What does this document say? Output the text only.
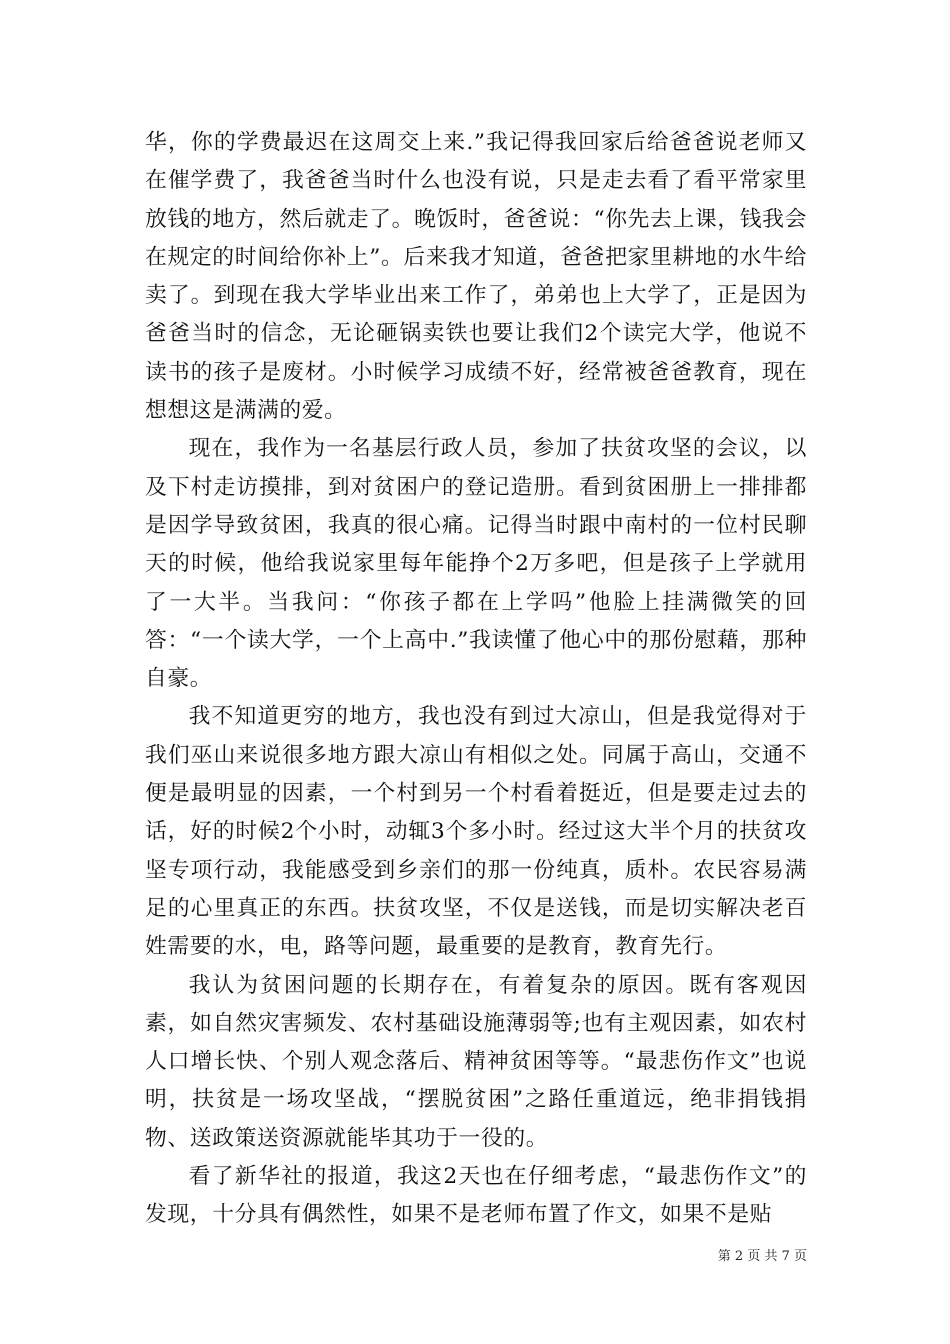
华，你的学费最迟在这周交上来.”我记得我回家后给爸爸说老师又在催学费了，我爸爸当时什么也没有说，只是走去看了看平常家里放钱的地方，然后就走了。晚饭时，爸爸说：“你先去上课，钱我会在规定的时间给你补上”。后来我才知道，爸爸把家里耕地的水牛给卖了。到现在我大学毕业出来工作了，弟弟也上大学了，正是因为爸爸当时的信念，无论砸锅卖铁也要让我们2个读完大学，他说不读书的孩子是废材。小时候学习成绩不好，经常被爸爸教育，现在想想这是满满的爱。

现在，我作为一名基层行政人员，参加了扶贫攻坚的会议，以及下村走访摸排，到对贫困户的登记造册。看到贫困册上一排排都是因学导致贫困，我真的很心痛。记得当时跟中南村的一位村民聊天的时候，他给我说家里每年能挣个2万多吧，但是孩子上学就用了一大半。当我问：“你孩子都在上学吗”他脸上挂满微笑的回答：“一个读大学，一个上高中.”我读懂了他心中的那份慰藉，那种自豪。

我不知道更穷的地方，我也没有到过大凉山，但是我觉得对于我们巫山来说很多地方跟大凉山有相似之处。同属于高山，交通不便是最明显的因素，一个村到另一个村看着挺近，但是要走过去的话，好的时候2个小时，动辄3个多小时。经过这大半个月的扶贫攻坚专项行动，我能感受到乡亲们的那一份纯真，质朴。农民容易满足的心里真正的东西。扶贫攻坚，不仅是送钱，而是切实解决老百姓需要的水，电，路等问题，最重要的是教育，教育先行。

我认为贫困问题的长期存在，有着复杂的原因。既有客观因素，如自然灾害频发、农村基础设施薄弱等;也有主观因素，如农村人口增长快、个别人观念落后、精神贫困等等。“最悲伤作文”也说明，扶贫是一场攻坚战，“摆脱贫困”之路任重道远，绝非捐钱捐物、送政策送资源就能毕其功于一役的。

看了新华社的报道，我这2天也在仔细考虑，“最悲伤作文”的发现，十分具有偶然性，如果不是老师布置了作文，如果不是贴

第 2 页 共 7 页
